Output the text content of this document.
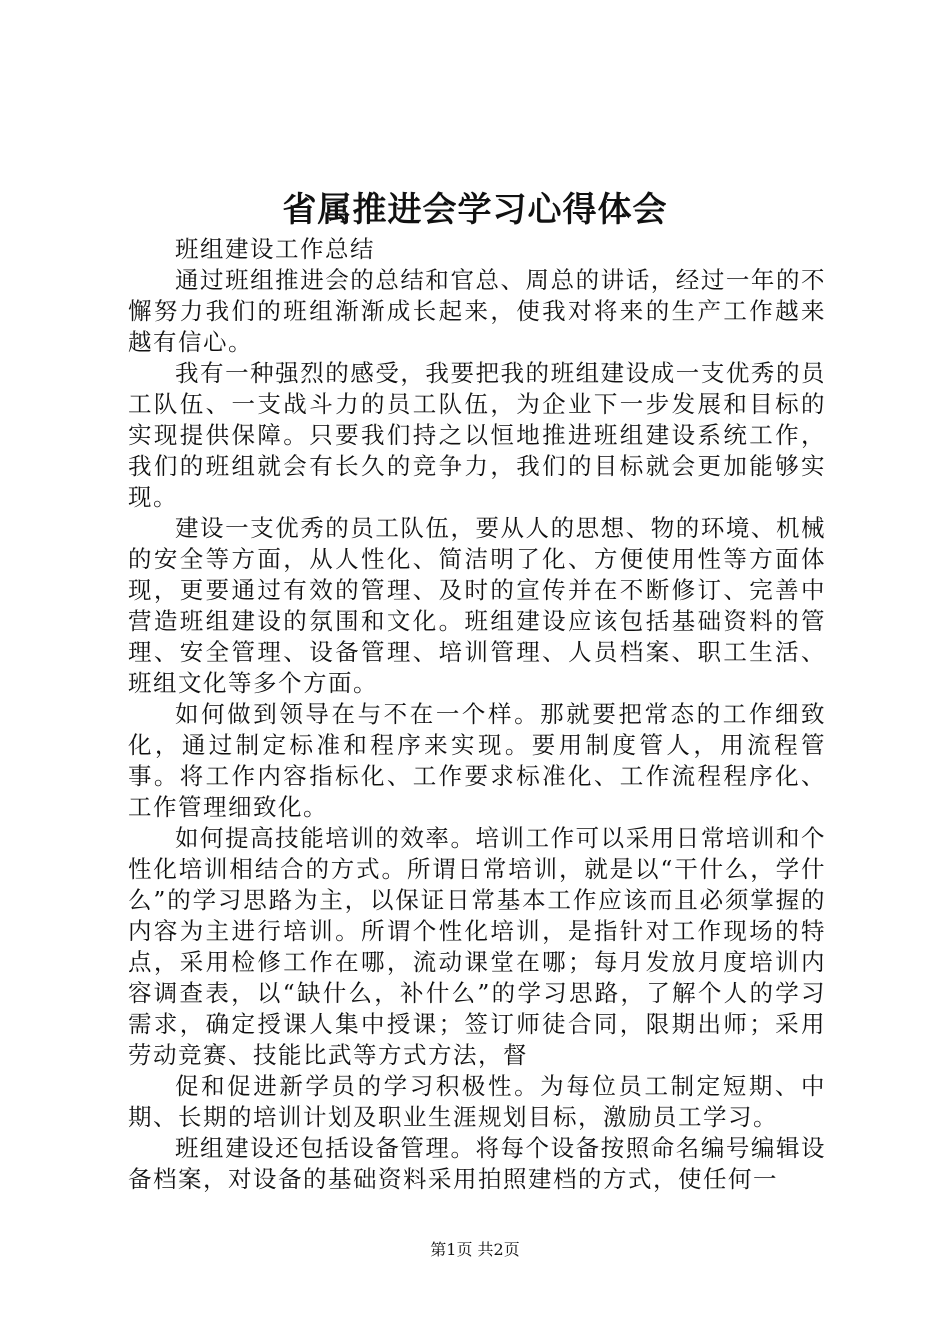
省属推进会学习心得体会

班组建设工作总结

通过班组推进会的总结和官总、周总的讲话，经过一年的不懈努力我们的班组渐渐成长起来，使我对将来的生产工作越来越有信心。

我有一种强烈的感受，我要把我的班组建设成一支优秀的员工队伍、一支战斗力的员工队伍，为企业下一步发展和目标的实现提供保障。只要我们持之以恒地推进班组建设系统工作，我们的班组就会有长久的竞争力，我们的目标就会更加能够实现。

建设一支优秀的员工队伍，要从人的思想、物的环境、机械的安全等方面，从人性化、简洁明了化、方便使用性等方面体现，更要通过有效的管理、及时的宣传并在不断修订、完善中营造班组建设的氛围和文化。班组建设应该包括基础资料的管理、安全管理、设备管理、培训管理、人员档案、职工生活、班组文化等多个方面。

如何做到领导在与不在一个样。那就要把常态的工作细致化，通过制定标准和程序来实现。要用制度管人，用流程管事。将工作内容指标化、工作要求标准化、工作流程程序化、工作管理细致化。

如何提高技能培训的效率。培训工作可以采用日常培训和个性化培训相结合的方式。所谓日常培训，就是以“干什么，学什么”的学习思路为主，以保证日常基本工作应该而且必须掌握的内容为主进行培训。所谓个性化培训，是指针对工作现场的特点，采用检修工作在哪，流动课堂在哪；每月发放月度培训内容调查表，以“缺什么，补什么”的学习思路，了解个人的学习需求，确定授课人集中授课；签订师徒合同，限期出师；采用劳动竞赛、技能比武等方式方法，督

促和促进新学员的学习积极性。为每位员工制定短期、中期、长期的培训计划及职业生涯规划目标，激励员工学习。

班组建设还包括设备管理。将每个设备按照命名编号编辑设备档案，对设备的基础资料采用拍照建档的方式，使任何一

第1页 共2页
